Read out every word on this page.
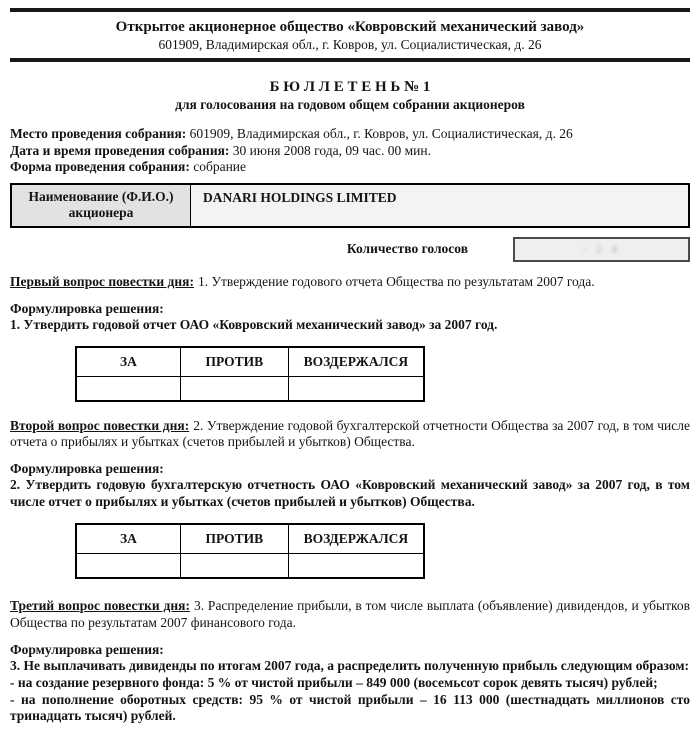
Открытое акционерное общество «Ковровский механический завод»
601909, Владимирская обл., г. Ковров, ул. Социалистическая, д. 26
Б Ю Л Л Е Т Е Н Ь № 1
для голосования на годовом общем собрании акционеров
Место проведения собрания: 601909, Владимирская обл., г. Ковров, ул. Социалистическая, д. 26
Дата и время проведения собрания: 30 июня 2008 года, 09 час. 00 мин.
Форма проведения собрания: собрание
Наименование (Ф.И.О.) акционера	DANARI HOLDINGS LIMITED
Количество голосов	- 2 4
Первый вопрос повестки дня: 1. Утверждение годового отчета Общества по результатам 2007 года.
Формулировка решения:

1. Утвердить годовой отчет ОАО «Ковровский механический завод» за 2007 год.

ЗА	ПРОТИВ	ВОЗДЕРЖАЛСЯ

Второй вопрос повестки дня: 2. Утверждение годовой бухгалтерской отчетности Общества за 2007 год, в том числе отчета о прибылях и убытках (счетов прибылей и убытков) Общества.
Формулировка решения:

2. Утвердить годовую бухгалтерскую отчетность ОАО «Ковровский механический завод» за 2007 год, в том числе отчет о прибылях и убытках (счетов прибылей и убытков) Общества.

ЗА	ПРОТИВ	ВОЗДЕРЖАЛСЯ

Третий вопрос повестки дня: 3. Распределение прибыли, в том числе выплата (объявление) дивидендов, и убытков Общества по результатам 2007 финансового года.
Формулировка решения:

3. Не выплачивать дивиденды по итогам 2007 года, а распределить полученную прибыль следующим образом:

- на создание резервного фонда: 5 % от чистой прибыли – 849 000 (восемьсот сорок девять тысяч) рублей;

- на пополнение оборотных средств: 95 % от чистой прибыли – 16 113 000 (шестнадцать миллионов сто тринадцать тысяч) рублей.
